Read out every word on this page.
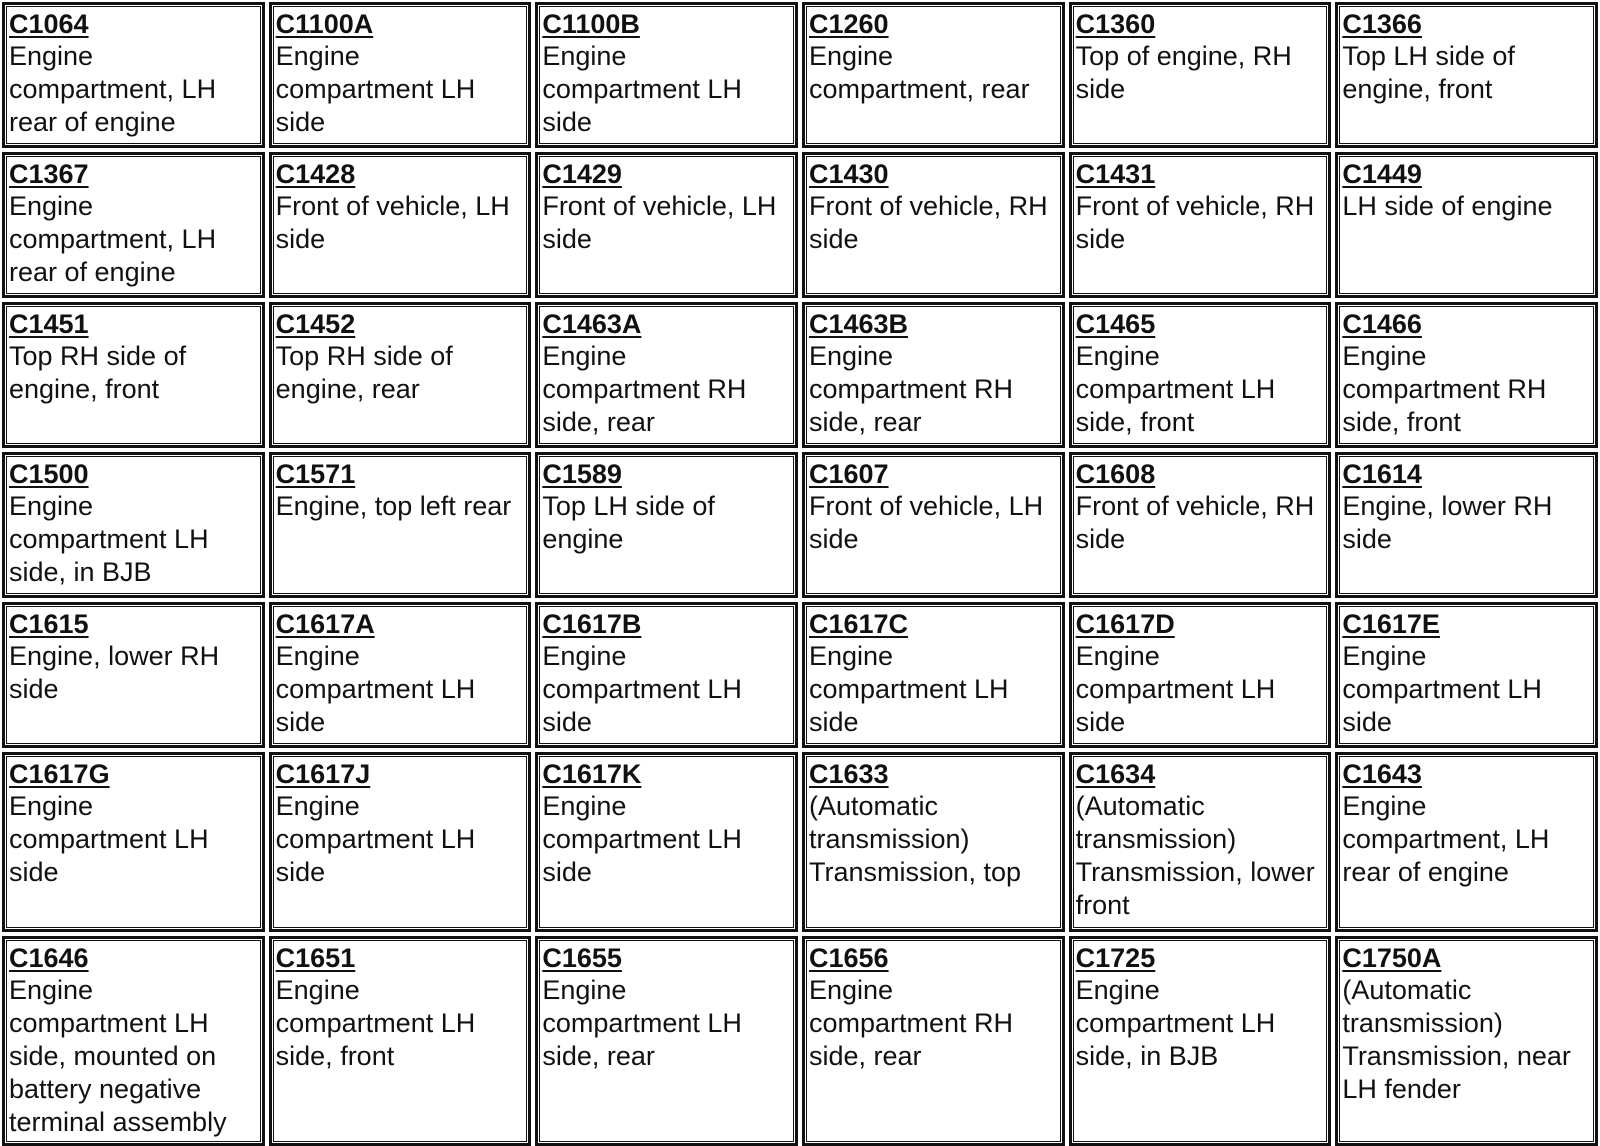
C1064
Engine compartment, LH rear of engine
C1100A
Engine compartment LH side
C1100B
Engine compartment LH side
C1260
Engine compartment, rear
C1360
Top of engine, RH side
C1366
Top LH side of engine, front
C1367
Engine compartment, LH rear of engine
C1428
Front of vehicle, LH side
C1429
Front of vehicle, LH side
C1430
Front of vehicle, RH side
C1431
Front of vehicle, RH side
C1449
LH side of engine
C1451
Top RH side of engine, front
C1452
Top RH side of engine, rear
C1463A
Engine compartment RH side, rear
C1463B
Engine compartment RH side, rear
C1465
Engine compartment LH side, front
C1466
Engine compartment RH side, front
C1500
Engine compartment LH side, in BJB
C1571
Engine, top left rear
C1589
Top LH side of engine
C1607
Front of vehicle, LH side
C1608
Front of vehicle, RH side
C1614
Engine, lower RH side
C1615
Engine, lower RH side
C1617A
Engine compartment LH side
C1617B
Engine compartment LH side
C1617C
Engine compartment LH side
C1617D
Engine compartment LH side
C1617E
Engine compartment LH side
C1617G
Engine compartment LH side
C1617J
Engine compartment LH side
C1617K
Engine compartment LH side
C1633
(Automatic transmission) Transmission, top
C1634
(Automatic transmission) Transmission, lower front
C1643
Engine compartment, LH rear of engine
C1646
Engine compartment LH side, mounted on battery negative terminal assembly
C1651
Engine compartment LH side, front
C1655
Engine compartment LH side, rear
C1656
Engine compartment RH side, rear
C1725
Engine compartment LH side, in BJB
C1750A
(Automatic transmission) Transmission, near LH fender
